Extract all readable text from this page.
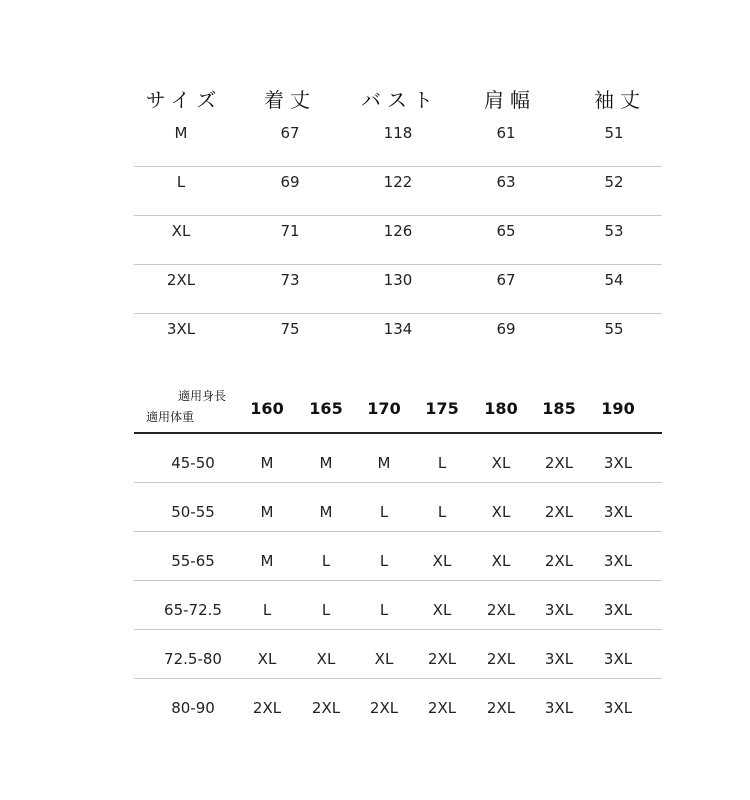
サイズ 着丈 バスト 肩幅	袖丈
M	67	118	61	51
L	69	122	63	52
XL	71	126	65	53
2XL	73	130	67	54
3XL	75	134	69	55
適用身長
適用体重	160 165 170 175 180 185 190
45-50	M	M	M	L	XL 2XL 3XL
50-55	M	M	L	L	XL 2XL 3XL
55-65	M	L	L	XL	XL 2XL 3XL
65-72.5	L	L	L	XL 2XL 3XL 3XL
72.5-80 XL	XL	XL 2XL 2XL 3XL 3XL
80-90	2XL 2XL 2XL 2XL 2XL 3XL 3XL
